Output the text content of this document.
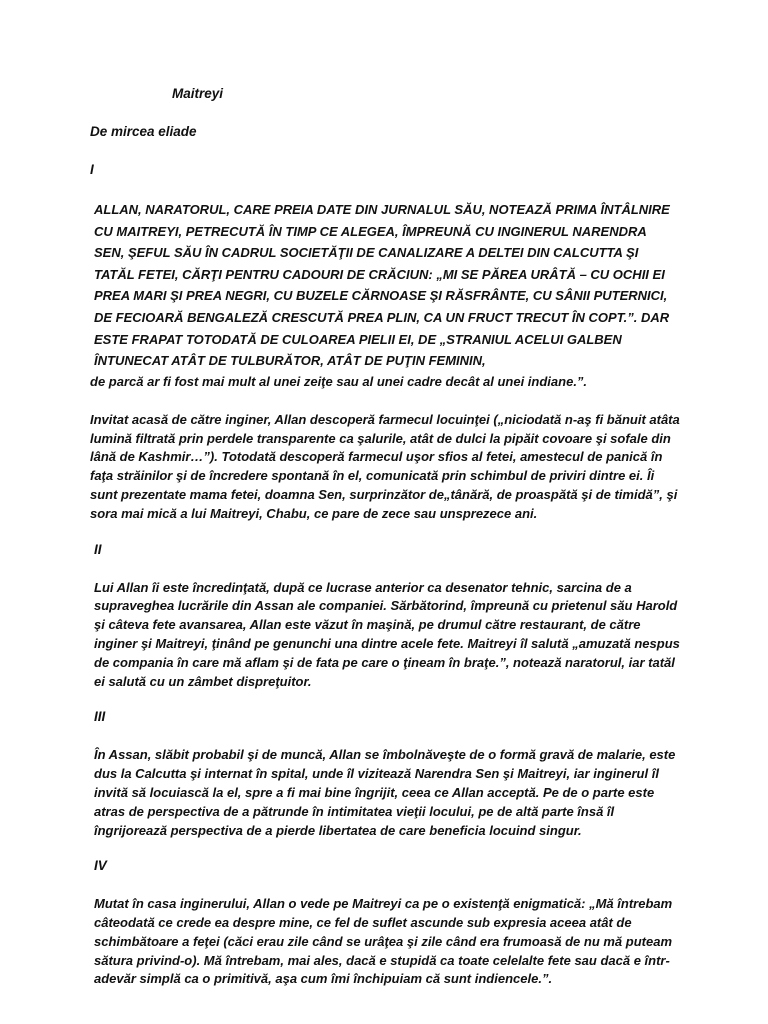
Maitreyi
De mircea eliade
I

ALLAN, NARATORUL, CARE PREIA DATE DIN JURNALUL SĂU, NOTEAZĂ PRIMA ÎNTÂLNIRE CU MAITREYI, PETRECUTĂ ÎN TIMP CE ALEGEA, ÎMPREUNĂ CU INGINERUL NARENDRA SEN, ŞEFUL SĂU ÎN CADRUL SOCIETĂŢII DE CANALIZARE A DELTEI DIN CALCUTTA ŞI TATĂL FETEI, CĂRŢI PENTRU CADOURI DE CRĂCIUN: „MI SE PĂREA URÂTĂ – CU OCHII EI PREA MARI ŞI PREA NEGRI, CU BUZELE CĂRNOASE ŞI RĂSFRÂNTE, CU SÂNII PUTERNICI, DE FECIOARĂ BENGALEZĂ CRESCUTĂ PREA PLIN, CA UN FRUCT TRECUT ÎN COPT.”. DAR ESTE FRAPAT TOTODATĂ DE CULOAREA PIELII EI, DE „STRANIUL ACELUI GALBEN ÎNTUNECAT ATÂT DE TULBURĂTOR, ATÂT DE PUŢIN FEMININ,

de parcă ar fi fost mai mult al unei zeiţe sau al unei cadre decât al unei indiane.”.

Invitat acasă de către inginer, Allan descoperă farmecul locuinţei („niciodată n-aş fi bănuit atâta lumină filtrată prin perdele transparente ca şalurile, atât de dulci la pipăit covoare şi sofale din lână de Kashmir…”). Totodată descoperă farmecul uşor sfios al fetei, amestecul de panică în faţa străinilor şi de încredere spontană în el, comunicată prin schimbul de priviri dintre ei. Îi sunt prezentate mama fetei, doamna Sen, surprinzător de„tânără, de proaspătă şi de timidă”, şi sora mai mică a lui Maitreyi, Chabu, ce pare de zece sau unsprezece ani.

II

Lui Allan îi este încredinţată, după ce lucrase anterior ca desenator tehnic, sarcina de a supraveghea lucrările din Assan ale companiei. Sărbătorind, împreună cu prietenul său Harold şi câteva fete avansarea, Allan este văzut în maşină, pe drumul către restaurant, de către inginer şi Maitreyi, ţinând pe genunchi una dintre acele fete. Maitreyi îl salută „amuzată nespus de compania în care mă aflam şi de fata pe care o ţineam în braţe.”, notează naratorul, iar tatăl ei salută cu un zâmbet dispreţuitor.

III

În Assan, slăbit probabil şi de muncă, Allan se îmbolnăveşte de o formă gravă de malarie, este dus la Calcutta şi internat în spital, unde îl vizitează Narendra Sen şi Maitreyi, iar inginerul îl invită să locuiască la el, spre a fi mai bine îngrijit, ceea ce Allan acceptă. Pe de o parte este atras de perspectiva de a pătrunde în intimitatea vieţii locului, pe de altă parte însă îl îngrijorează perspectiva de a pierde libertatea de care beneficia locuind singur.

IV

Mutat în casa inginerului, Allan o vede pe Maitreyi ca pe o existenţă enigmatică: „Mă întrebam câteodată ce crede ea despre mine, ce fel de suflet ascunde sub expresia aceea atât de schimbătoare a feţei (căci erau zile când se urâţea şi zile când era frumoasă de nu mă puteam sătura privind-o). Mă întrebam, mai ales, dacă e stupidă ca toate celelalte fete sau dacă e într-adevăr simplă ca o primitivă, aşa cum îmi închipuiam că sunt indiencele.”.
